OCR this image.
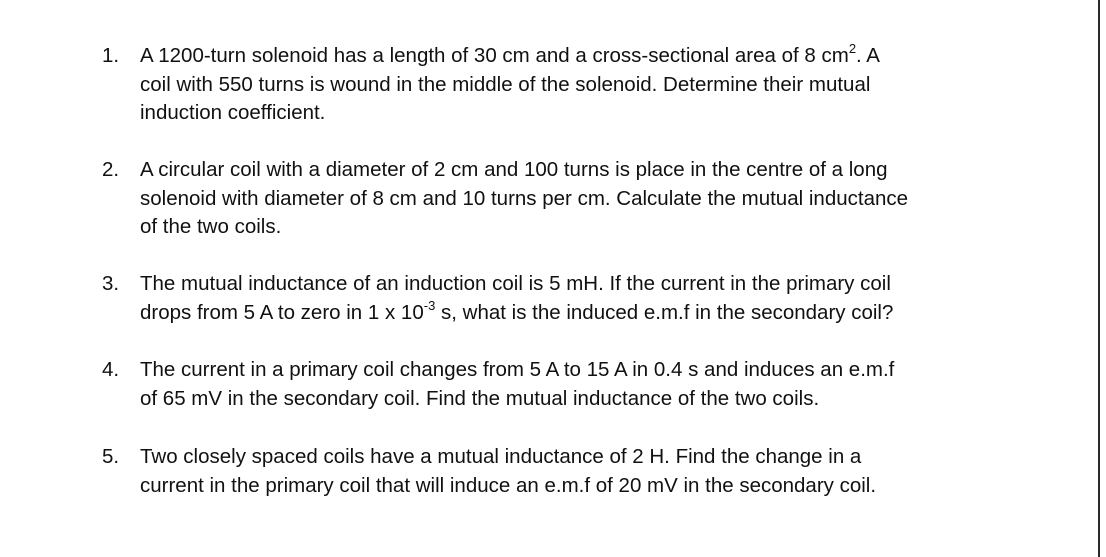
1.	A 1200-turn solenoid has a length of 30 cm and a cross-sectional area of 8 $cm^2$. A
coil with 550 turns is wound in the middle of the solenoid. Determine their mutual
induction coefficient.
2.	A circular coil with a diameter of 2 cm and 100 turns is place in the centre of a long
solenoid with diameter of 8 cm and 10 turns per cm. Calculate the mutual inductance
of the two coils.
3.	The mutual inductance of an induction coil is 5 mH. If the current in the primary coil
drops from 5 A to zero in 1 x $10^{-3}$ s, what is the induced e.m.f in the secondary coil?
4.	The current in a primary coil changes from 5 A to 15 A in 0.4 s and induces an e.m.f
of 65 mV in the secondary coil. Find the mutual inductance of the two coils.
5.	Two closely spaced coils have a mutual inductance of 2 H. Find the change in a
current in the primary coil that will induce an e.m.f of 20 mV in the secondary coil.
